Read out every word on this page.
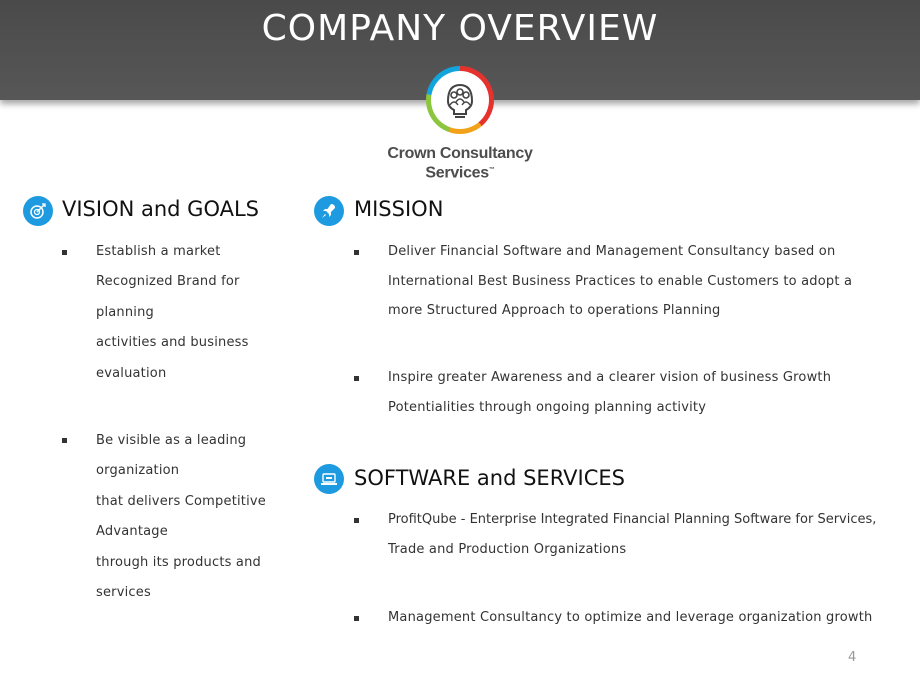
COMPANY OVERVIEW
Crown Consultancy
Services™
VISION and GOALS
Establish a market
Recognized Brand for
planning
activities and business
evaluation
Be visible as a leading
organization
that delivers Competitive
Advantage
through its products and
services
MISSION
Deliver Financial Software and Management Consultancy based on
International Best Business Practices to enable Customers to adopt a
more Structured Approach to operations Planning
Inspire greater Awareness and a clearer vision of business Growth
Potentialities through ongoing planning activity
SOFTWARE and SERVICES
ProfitQube - Enterprise Integrated Financial Planning Software for Services,
Trade and Production Organizations
Management Consultancy to optimize and leverage organization growth
4
